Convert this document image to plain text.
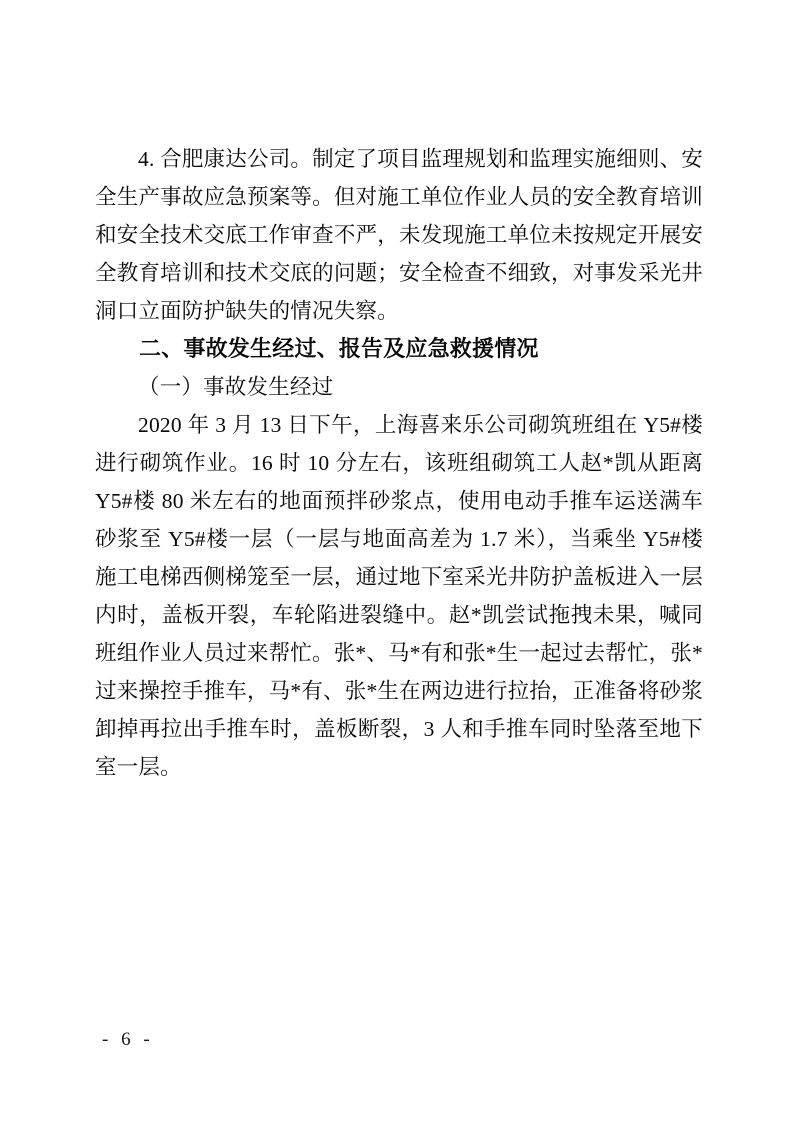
4. 合肥康达公司。制定了项目监理规划和监理实施细则、安全生产事故应急预案等。但对施工单位作业人员的安全教育培训和安全技术交底工作审查不严，未发现施工单位未按规定开展安全教育培训和技术交底的问题；安全检查不细致，对事发采光井洞口立面防护缺失的情况失察。

二、事故发生经过、报告及应急救援情况

（一）事故发生经过

2020 年 3 月 13 日下午，上海喜来乐公司砌筑班组在 Y5#楼进行砌筑作业。16 时 10 分左右，该班组砌筑工人赵*凯从距离 Y5#楼 80 米左右的地面预拌砂浆点，使用电动手推车运送满车砂浆至 Y5#楼一层（一层与地面高差为 1.7 米），当乘坐 Y5#楼施工电梯西侧梯笼至一层，通过地下室采光井防护盖板进入一层内时，盖板开裂，车轮陷进裂缝中。赵*凯尝试拖拽未果，喊同班组作业人员过来帮忙。张*、马*有和张*生一起过去帮忙，张*过来操控手推车，马*有、张*生在两边进行拉抬，正准备将砂浆卸掉再拉出手推车时，盖板断裂，3 人和手推车同时坠落至地下室一层。

- 6 -
